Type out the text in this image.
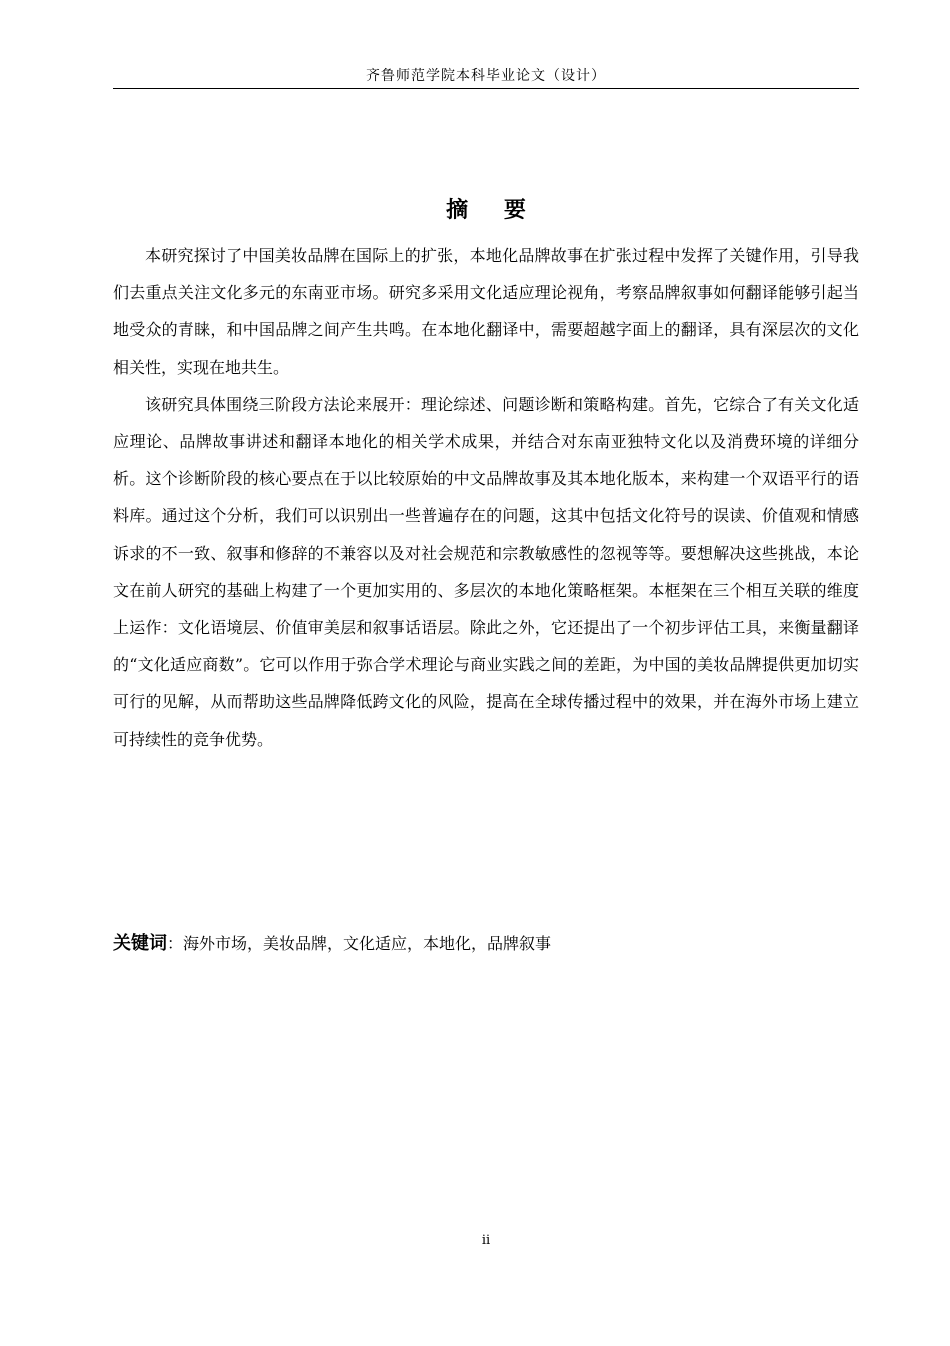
齐鲁师范学院本科毕业论文（设计）
摘 要

本研究探讨了中国美妆品牌在国际上的扩张，本地化品牌故事在扩张过程中发挥了关键作用，引导我们去重点关注文化多元的东南亚市场。研究多采用文化适应理论视角，考察品牌叙事如何翻译能够引起当地受众的青睐，和中国品牌之间产生共鸣。在本地化翻译中，需要超越字面上的翻译，具有深层次的文化相关性，实现在地共生。

该研究具体围绕三阶段方法论来展开：理论综述、问题诊断和策略构建。首先，它综合了有关文化适应理论、品牌故事讲述和翻译本地化的相关学术成果，并结合对东南亚独特文化以及消费环境的详细分析。这个诊断阶段的核心要点在于以比较原始的中文品牌故事及其本地化版本，来构建一个双语平行的语料库。通过这个分析，我们可以识别出一些普遍存在的问题，这其中包括文化符号的误读、价值观和情感诉求的不一致、叙事和修辞的不兼容以及对社会规范和宗教敏感性的忽视等等。要想解决这些挑战，本论文在前人研究的基础上构建了一个更加实用的、多层次的本地化策略框架。本框架在三个相互关联的维度上运作：文化语境层、价值审美层和叙事话语层。除此之外，它还提出了一个初步评估工具，来衡量翻译的“文化适应商数”。它可以作用于弥合学术理论与商业实践之间的差距，为中国的美妆品牌提供更加切实可行的见解，从而帮助这些品牌降低跨文化的风险，提高在全球传播过程中的效果，并在海外市场上建立可持续性的竞争优势。

关键词：海外市场，美妆品牌，文化适应，本地化，品牌叙事
ii
